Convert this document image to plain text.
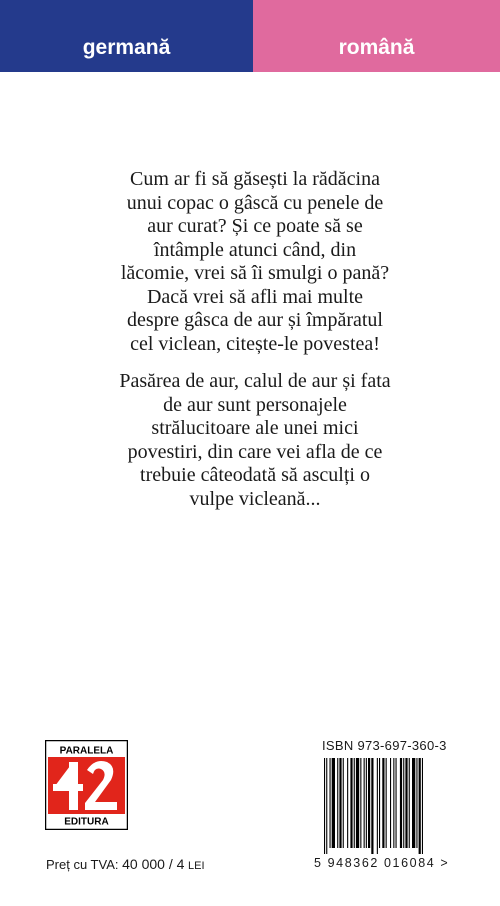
germană	română
Cum ar fi să găsești la rădăcina
unui copac o gâscă cu penele de
aur curat? Și ce poate să se
întâmple atunci când, din
lăcomie, vrei să îi smulgi o pană?
Dacă vrei să afli mai multe
despre gâsca de aur și împăratul
cel viclean, citește-le povestea!
Pasărea de aur, calul de aur și fata
de aur sunt personajele
strălucitoare ale unei mici
povestiri, din care vei afla de ce
trebuie câteodată să asculți o
vulpe vicleană...
PARALELA
EDITURA
ISBN 973-697-360-3
5 948362 016084 >
Preț cu TVA: 40 000 / 4 LEI
